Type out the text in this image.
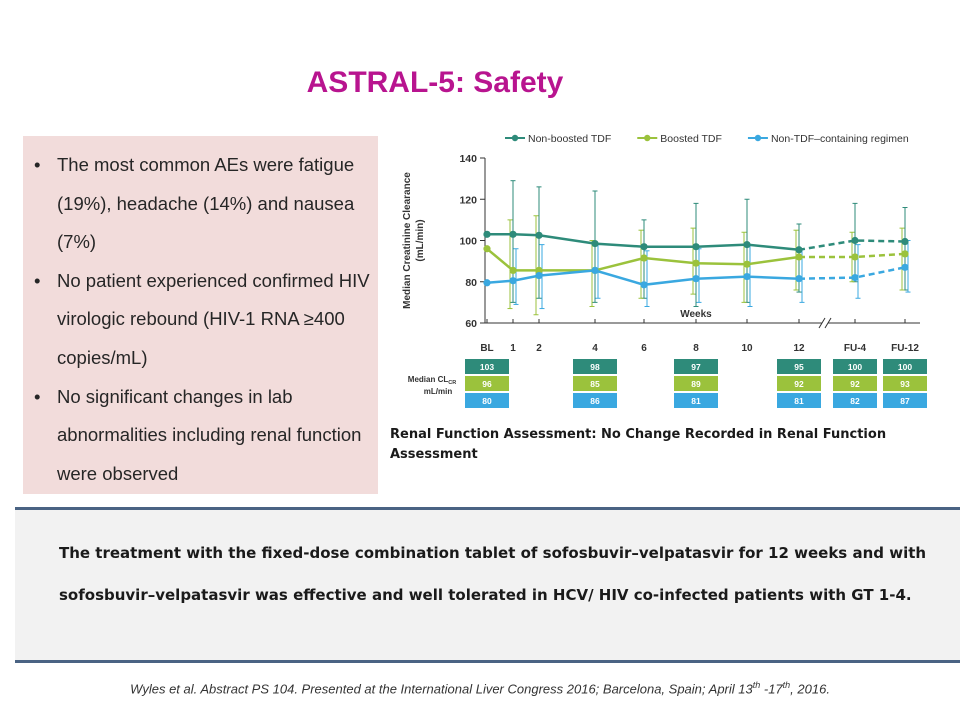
ASTRAL-5: Safety
• The most common AEs were fatigue (19%), headache (14%) and nausea (7%)
• No patient experienced confirmed HIV virologic rebound (HIV-1 RNA ≥400 copies/mL)
• No significant changes in lab abnormalities including renal function were observed
Non-boosted TDF	Boosted TDF	Non-TDF–containing regimen
60
80
100
120
140
Median Creatinine Clearance (mL/min)
BL 1 2	4	6	8	10	12	FU-4 FU-12
Weeks
103	98	97	95	100	100
96	85	89	92	92	93
80	86	81	81	82	87
Median $CL_{CR}$
mL/min
Renal Function Assessment: No Change Recorded in Renal Function Assessment

The treatment with the fixed-dose combination tablet of sofosbuvir–velpatasvir for 12 weeks and with sofosbuvir–velpatasvir was effective and well tolerated in HCV/ HIV co-infected patients with GT 1-4.

Wyles et al. Abstract PS 104. Presented at the International Liver Congress 2016; Barcelona, Spain; April 13th -17th, 2016.
